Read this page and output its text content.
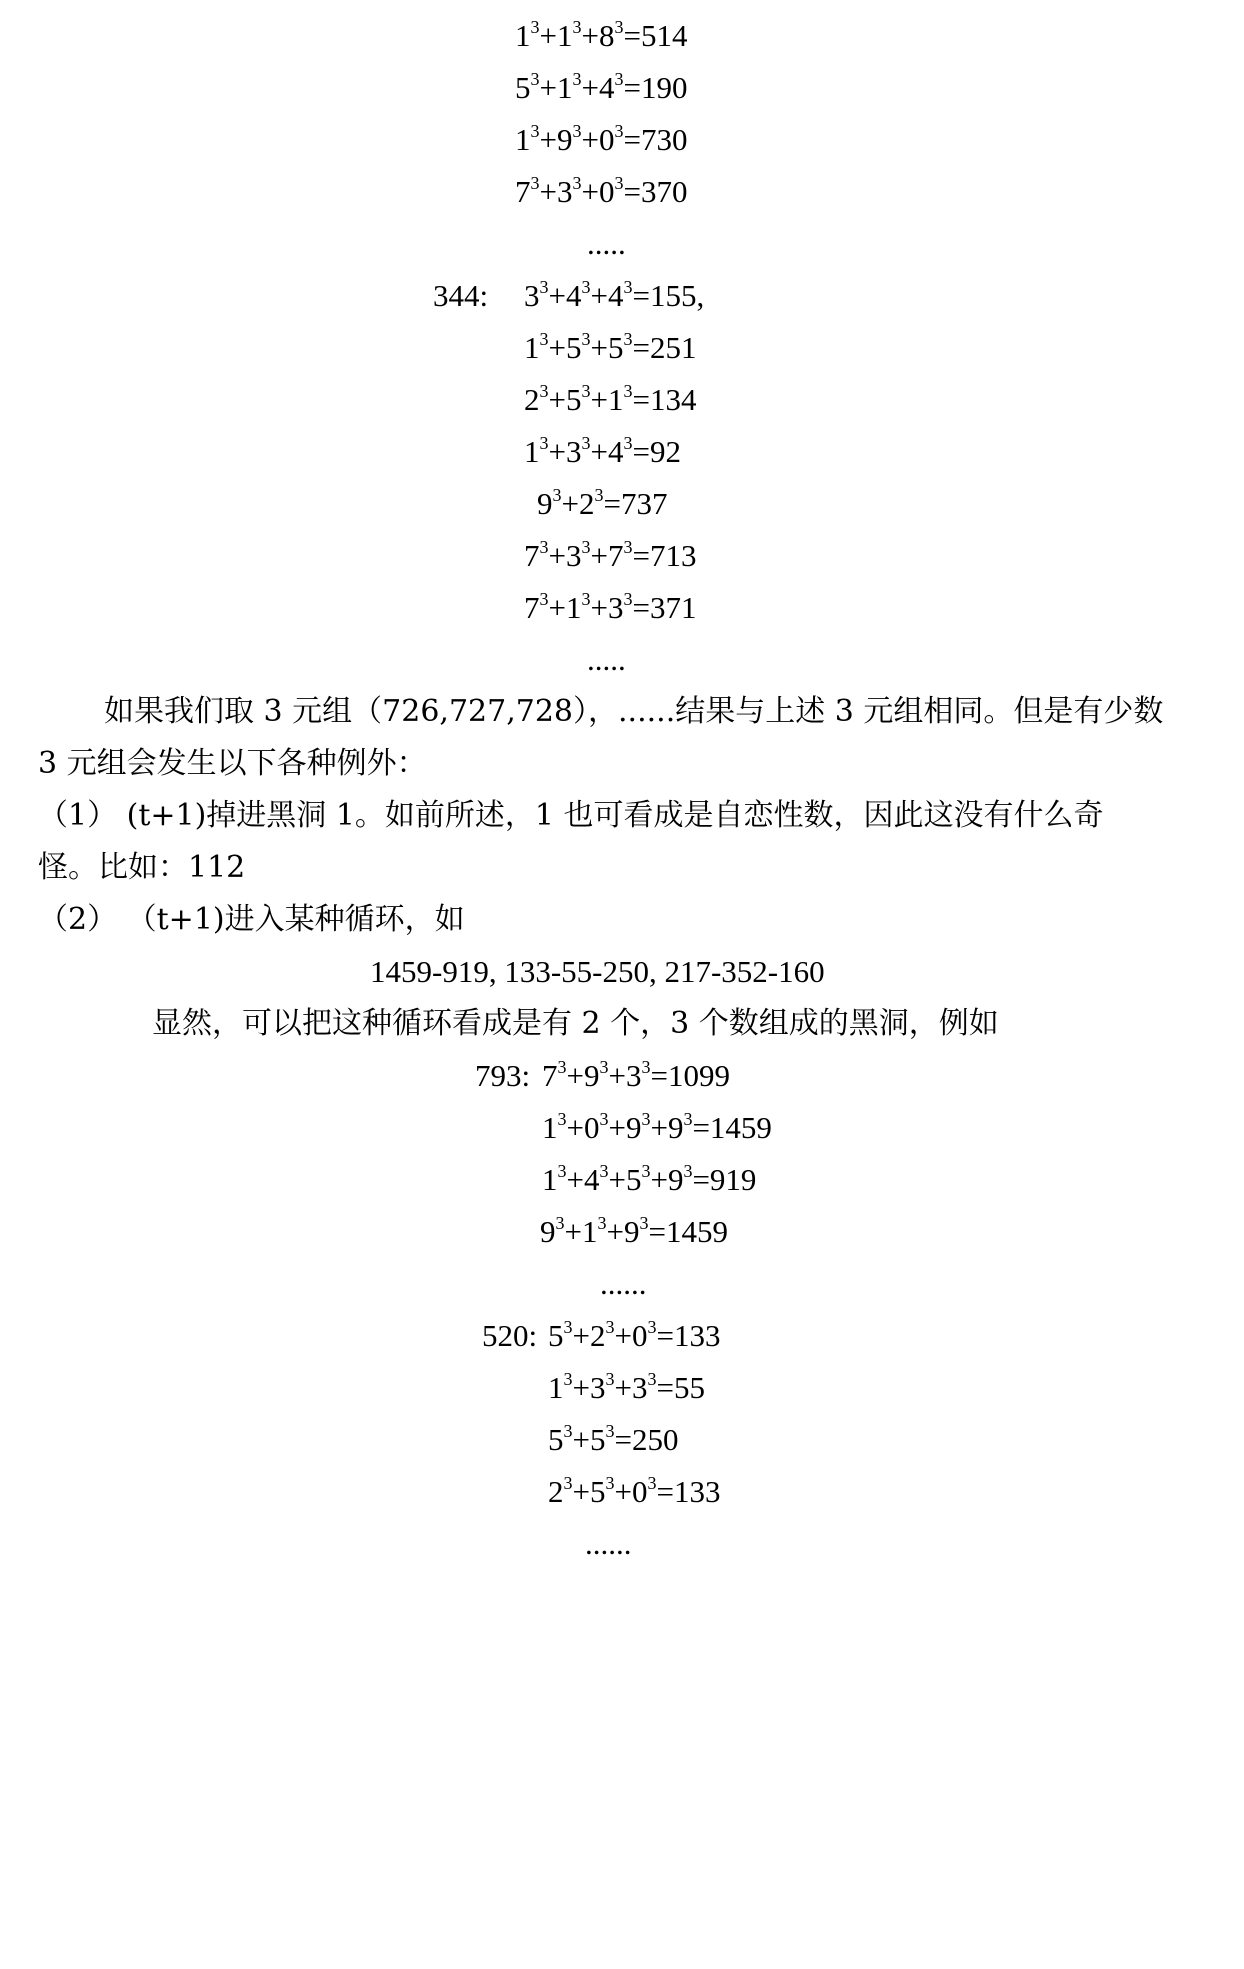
$1^3+1^3+8^3=514$
$5^3+1^3+4^3=190$
$1^3+9^3+0^3=730$
$7^3+3^3+0^3=370$
.....
344: $3^3+4^3+4^3=155$,
$1^3+5^3+5^3=251$
$2^3+5^3+1^3=134$
$1^3+3^3+4^3=92$
$9^3+2^3=737$
$7^3+3^3+7^3=713$
$7^3+1^3+3^3=371$
.....
如果我们取 3 元组（726,727,728），......结果与上述 3 元组相同。但是有少数
3 元组会发生以下各种例外：
（1） (t+1)掉进黑洞 1。如前所述，1 也可看成是自恋性数，因此这没有什么奇
怪。比如：112
（2） （t+1)进入某种循环，如
1459-919, 133-55-250, 217-352-160
显然，可以把这种循环看成是有 2 个，3 个数组成的黑洞，例如
793: $7^3+9^3+3^3=1099$
$1^3+0^3+9^3+9^3=1459$
$1^3+4^3+5^3+9^3=919$
$9^3+1^3+9^3=1459$
......
520: $5^3+2^3+0^3=133$
$1^3+3^3+3^3=55$
$5^3+5^3=250$
$2^3+5^3+0^3=133$
......
